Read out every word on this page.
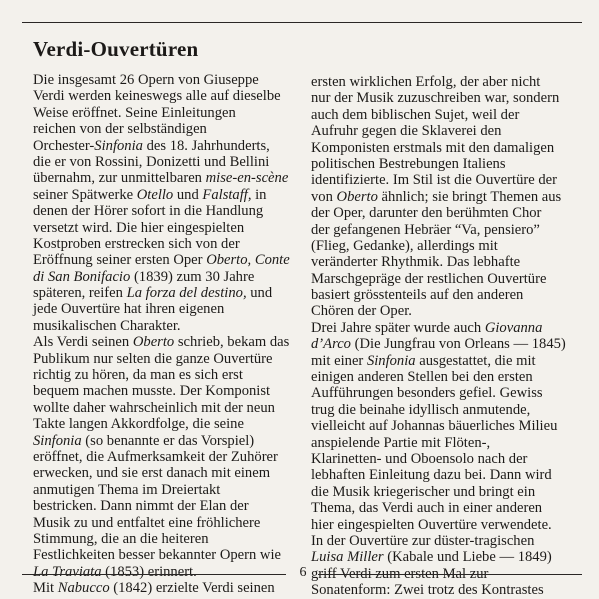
Verdi-Ouvertüren
Die insgesamt 26 Opern von Giuseppe
Verdi werden keineswegs alle auf dieselbe
Weise eröffnet. Seine Einleitungen
reichen von der selbständigen
Orchester-Sinfonia des 18. Jahrhunderts,
die er von Rossini, Donizetti und Bellini
übernahm, zur unmittelbaren mise-en-scène
seiner Spätwerke Otello und Falstaff, in
denen der Hörer sofort in die Handlung
versetzt wird. Die hier eingespielten
Kostproben erstrecken sich von der
Eröffnung seiner ersten Oper Oberto, Conte
di San Bonifacio (1839) zum 30 Jahre
späteren, reifen La forza del destino, und
jede Ouvertüre hat ihren eigenen
musikalischen Charakter.
Als Verdi seinen Oberto schrieb, bekam das
Publikum nur selten die ganze Ouvertüre
richtig zu hören, da man es sich erst
bequem machen musste. Der Komponist
wollte daher wahrscheinlich mit der neun
Takte langen Akkordfolge, die seine
Sinfonia (so benannte er das Vorspiel)
eröffnet, die Aufmerksamkeit der Zuhörer
erwecken, und sie erst danach mit einem
anmutigen Thema im Dreiertakt
bestricken. Dann nimmt der Elan der
Musik zu und entfaltet eine fröhlichere
Stimmung, die an die heiteren
Festlichkeiten besser bekannter Opern wie
La Traviata (1853) erinnert.
Mit Nabucco (1842) erzielte Verdi seinen
ersten wirklichen Erfolg, der aber nicht
nur der Musik zuzuschreiben war, sondern
auch dem biblischen Sujet, weil der
Aufruhr gegen die Sklaverei den
Komponisten erstmals mit den damaligen
politischen Bestrebungen Italiens
identifizierte. Im Stil ist die Ouvertüre der
von Oberto ähnlich; sie bringt Themen aus
der Oper, darunter den berühmten Chor
der gefangenen Hebräer “Va, pensiero”
(Flieg, Gedanke), allerdings mit
veränderter Rhythmik. Das lebhafte
Marschgepräge der restlichen Ouvertüre
basiert grösstenteils auf den anderen
Chören der Oper.
Drei Jahre später wurde auch Giovanna
d’Arco (Die Jungfrau von Orleans — 1845)
mit einer Sinfonia ausgestattet, die mit
einigen anderen Stellen bei den ersten
Aufführungen besonders gefiel. Gewiss
trug die beinahe idyllisch anmutende,
vielleicht auf Johannas bäuerliches Milieu
anspielende Partie mit Flöten-,
Klarinetten- und Oboensolo nach der
lebhaften Einleitung dazu bei. Dann wird
die Musik kriegerischer und bringt ein
Thema, das Verdi auch in einer anderen
hier eingespielten Ouvertüre verwendete.
In der Ouvertüre zur düster-tragischen
Luisa Miller (Kabale und Liebe — 1849)
griff Verdi zum ersten Mal zur
Sonatenform: Zwei trotz des Kontrastes
6
